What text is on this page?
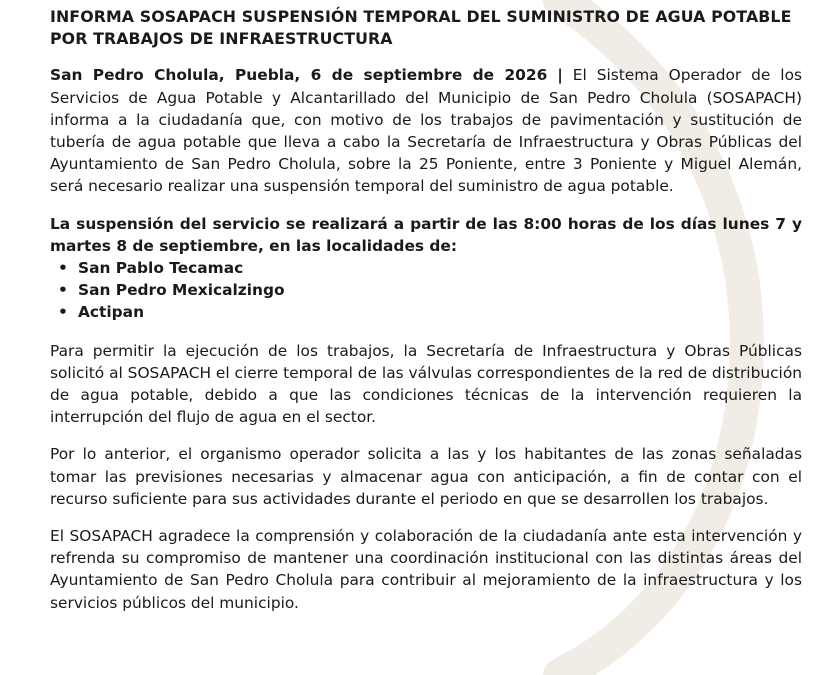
INFORMA SOSAPACH SUSPENSIÓN TEMPORAL DEL SUMINISTRO DE AGUA POTABLE POR TRABAJOS DE INFRAESTRUCTURA

San Pedro Cholula, Puebla, 6 de septiembre de 2026 | El Sistema Operador de los Servicios de Agua Potable y Alcantarillado del Municipio de San Pedro Cholula (SOSAPACH) informa a la ciudadanía que, con motivo de los trabajos de pavimentación y sustitución de tubería de agua potable que lleva a cabo la Secretaría de Infraestructura y Obras Públicas del Ayuntamiento de San Pedro Cholula, sobre la 25 Poniente, entre 3 Poniente y Miguel Alemán, será necesario realizar una suspensión temporal del suministro de agua potable.

La suspensión del servicio se realizará a partir de las 8:00 horas de los días lunes 7 y martes 8 de septiembre, en las localidades de:

• San Pablo Tecamac
• San Pedro Mexicalzingo
• Actipan

Para permitir la ejecución de los trabajos, la Secretaría de Infraestructura y Obras Públicas solicitó al SOSAPACH el cierre temporal de las válvulas correspondientes de la red de distribución de agua potable, debido a que las condiciones técnicas de la intervención requieren la interrupción del flujo de agua en el sector.

Por lo anterior, el organismo operador solicita a las y los habitantes de las zonas señaladas tomar las previsiones necesarias y almacenar agua con anticipación, a fin de contar con el recurso suficiente para sus actividades durante el periodo en que se desarrollen los trabajos.

El SOSAPACH agradece la comprensión y colaboración de la ciudadanía ante esta intervención y refrenda su compromiso de mantener una coordinación institucional con las distintas áreas del Ayuntamiento de San Pedro Cholula para contribuir al mejoramiento de la infraestructura y los servicios públicos del municipio.
